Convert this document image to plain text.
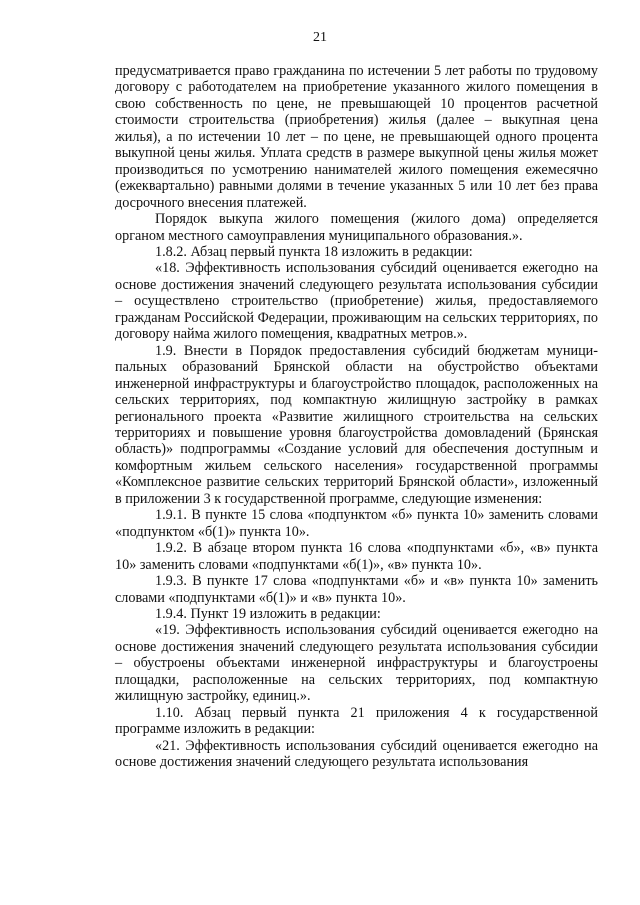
21

предусматривается право гражданина по истечении 5 лет работы по трудовому договору с работодателем на приобретение указанного жилого помещения в свою собственность по цене, не превышающей 10 процентов расчетной стоимости строительства (приобретения) жилья (далее – выкупная цена жилья), а по истечении 10 лет – по цене, не превышающей одного процента выкупной цены жилья. Уплата средств в размере выкупной цены жилья может производиться по усмотрению нанимателей жилого помещения ежемесячно (ежеквартально) равными долями в течение указанных 5 или 10 лет без права досрочного внесения платежей.

Порядок выкупа жилого помещения (жилого дома) определяется органом местного самоуправления муниципального образования.».

1.8.2. Абзац первый пункта 18 изложить в редакции:

«18. Эффективность использования субсидий оценивается ежегодно на основе достижения значений следующего результата использования субсидии – осуществлено строительство (приобретение) жилья, предоставляемого гражданам Российской Федерации, проживающим на сельских территориях, по договору найма жилого помещения, квадратных метров.».

1.9. Внести в Порядок предоставления субсидий бюджетам муниципальных образований Брянской области на обустройство объектами инженерной инфраструктуры и благоустройство площадок, расположенных на сельских территориях, под компактную жилищную застройку в рамках регионального проекта «Развитие жилищного строительства на сельских территориях и повышение уровня благоустройства домовладений (Брянская область)» подпрограммы «Создание условий для обеспечения доступным и комфортным жильем сельского населения» государственной программы «Комплексное развитие сельских территорий Брянской области», изложенный в приложении 3 к государственной программе, следующие изменения:

1.9.1. В пункте 15 слова «подпунктом «б» пункта 10» заменить словами «подпунктом «б(1)» пункта 10».

1.9.2. В абзаце втором пункта 16 слова «подпунктами «б», «в» пункта 10» заменить словами «подпунктами «б(1)», «в» пункта 10».

1.9.3. В пункте 17 слова «подпунктами «б» и «в» пункта 10» заменить словами «подпунктами «б(1)» и «в» пункта 10».

1.9.4. Пункт 19 изложить в редакции:

«19. Эффективность использования субсидий оценивается ежегодно на основе достижения значений следующего результата использования субсидии – обустроены объектами инженерной инфраструктуры и благоустроены площадки, расположенные на сельских территориях, под компактную жилищную застройку, единиц.».

1.10. Абзац первый пункта 21 приложения 4 к государственной программе изложить в редакции:

«21. Эффективность использования субсидий оценивается ежегодно на основе достижения значений следующего результата использования
